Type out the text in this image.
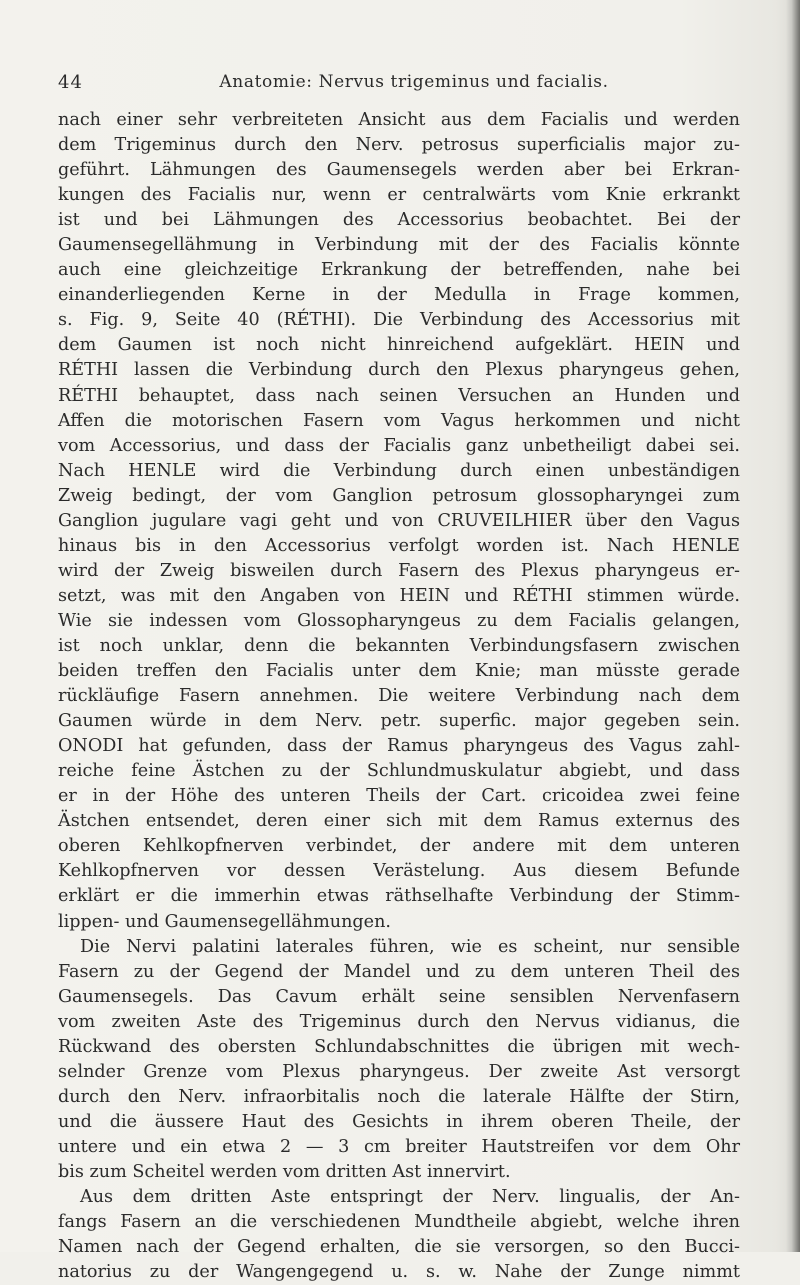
44	Anatomie: Nervus trigeminus und facialis.
nach einer sehr verbreiteten Ansicht aus dem Facialis und werden
dem Trigeminus durch den Nerv. petrosus superficialis major zu-
geführt. Lähmungen des Gaumensegels werden aber bei Erkran-
kungen des Facialis nur, wenn er centralwärts vom Knie erkrankt
ist und bei Lähmungen des Accessorius beobachtet. Bei der
Gaumensegellähmung in Verbindung mit der des Facialis könnte
auch eine gleichzeitige Erkrankung der betreffenden, nahe bei
einanderliegenden Kerne in der Medulla in Frage kommen,
s. Fig. 9, Seite 40 (RÉTHI). Die Verbindung des Accessorius mit
dem Gaumen ist noch nicht hinreichend aufgeklärt. HEIN und
RÉTHI lassen die Verbindung durch den Plexus pharyngeus gehen,
RÉTHI behauptet, dass nach seinen Versuchen an Hunden und
Affen die motorischen Fasern vom Vagus herkommen und nicht
vom Accessorius, und dass der Facialis ganz unbetheiligt dabei sei.
Nach HENLE wird die Verbindung durch einen unbeständigen
Zweig bedingt, der vom Ganglion petrosum glossopharyngei zum
Ganglion jugulare vagi geht und von CRUVEILHIER über den Vagus
hinaus bis in den Accessorius verfolgt worden ist. Nach HENLE
wird der Zweig bisweilen durch Fasern des Plexus pharyngeus er-
setzt, was mit den Angaben von HEIN und RÉTHI stimmen würde.
Wie sie indessen vom Glossopharyngeus zu dem Facialis gelangen,
ist noch unklar, denn die bekannten Verbindungsfasern zwischen
beiden treffen den Facialis unter dem Knie; man müsste gerade
rückläufige Fasern annehmen. Die weitere Verbindung nach dem
Gaumen würde in dem Nerv. petr. superfic. major gegeben sein.
ONODI hat gefunden, dass der Ramus pharyngeus des Vagus zahl-
reiche feine Ästchen zu der Schlundmuskulatur abgiebt, und dass
er in der Höhe des unteren Theils der Cart. cricoidea zwei feine
Ästchen entsendet, deren einer sich mit dem Ramus externus des
oberen Kehlkopfnerven verbindet, der andere mit dem unteren
Kehlkopfnerven vor dessen Verästelung. Aus diesem Befunde
erklärt er die immerhin etwas räthselhafte Verbindung der Stimm-
lippen- und Gaumensegellähmungen.
Die Nervi palatini laterales führen, wie es scheint, nur sensible
Fasern zu der Gegend der Mandel und zu dem unteren Theil des
Gaumensegels. Das Cavum erhält seine sensiblen Nervenfasern
vom zweiten Aste des Trigeminus durch den Nervus vidianus, die
Rückwand des obersten Schlundabschnittes die übrigen mit wech-
selnder Grenze vom Plexus pharyngeus. Der zweite Ast versorgt
durch den Nerv. infraorbitalis noch die laterale Hälfte der Stirn,
und die äussere Haut des Gesichts in ihrem oberen Theile, der
untere und ein etwa 2 — 3 cm breiter Hautstreifen vor dem Ohr
bis zum Scheitel werden vom dritten Ast innervirt.
Aus dem dritten Aste entspringt der Nerv. lingualis, der An-
fangs Fasern an die verschiedenen Mundtheile abgiebt, welche ihren
Namen nach der Gegend erhalten, die sie versorgen, so den Bucci-
natorius zu der Wangengegend u. s. w. Nahe der Zunge nimmt
